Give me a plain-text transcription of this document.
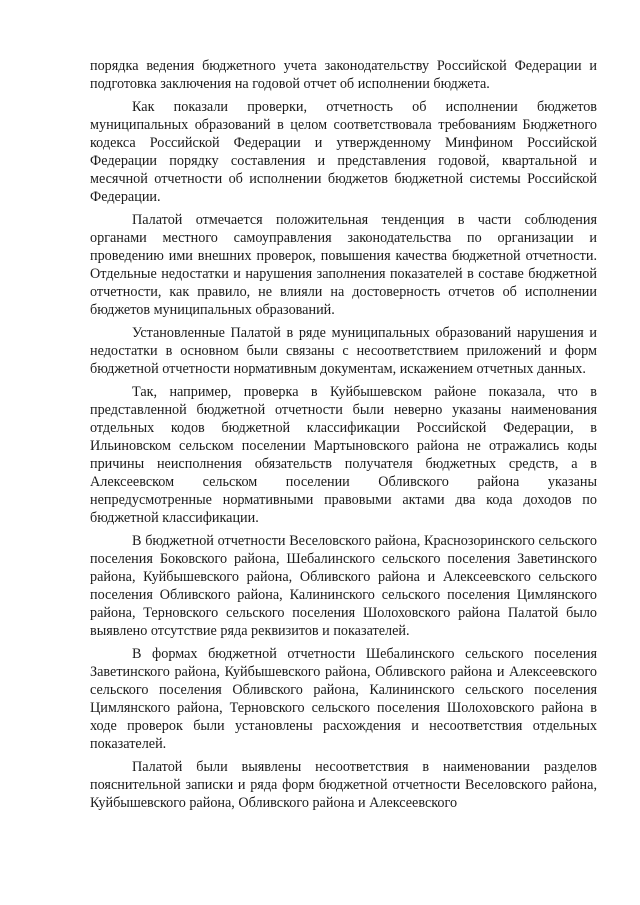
порядка ведения бюджетного учета законодательству Российской Федерации и подготовка заключения на годовой отчет об исполнении бюджета.

Как показали проверки, отчетность об исполнении бюджетов муниципальных образований в целом соответствовала требованиям Бюджетного кодекса Российской Федерации и утвержденному Минфином Российской Федерации порядку составления и представления годовой, квартальной и месячной отчетности об исполнении бюджетов бюджетной системы Российской Федерации.

Палатой отмечается положительная тенденция в части соблюдения органами местного самоуправления законодательства по организации и проведению ими внешних проверок, повышения качества бюджетной отчетности. Отдельные недостатки и нарушения заполнения показателей в составе бюджетной отчетности, как правило, не влияли на достоверность отчетов об исполнении бюджетов муниципальных образований.

Установленные Палатой в ряде муниципальных образований нарушения и недостатки в основном были связаны с несоответствием приложений и форм бюджетной отчетности нормативным документам, искажением отчетных данных.

Так, например, проверка в Куйбышевском районе показала, что в представленной бюджетной отчетности были неверно указаны наименования отдельных кодов бюджетной классификации Российской Федерации, в Ильиновском сельском поселении Мартыновского района не отражались коды причины неисполнения обязательств получателя бюджетных средств, а в Алексеевском сельском поселении Обливского района указаны непредусмотренные нормативными правовыми актами два кода доходов по бюджетной классификации.

В бюджетной отчетности Веселовского района, Краснозоринского сельского поселения Боковского района, Шебалинского сельского поселения Заветинского района, Куйбышевского района, Обливского района и Алексеевского сельского поселения Обливского района, Калининского сельского поселения Цимлянского района, Терновского сельского поселения Шолоховского района Палатой было выявлено отсутствие ряда реквизитов и показателей.

В формах бюджетной отчетности Шебалинского сельского поселения Заветинского района, Куйбышевского района, Обливского района и Алексеевского сельского поселения Обливского района, Калининского сельского поселения Цимлянского района, Терновского сельского поселения Шолоховского района в ходе проверок были установлены расхождения и несоответствия отдельных показателей.

Палатой были выявлены несоответствия в наименовании разделов пояснительной записки и ряда форм бюджетной отчетности Веселовского района, Куйбышевского района, Обливского района и Алексеевского
